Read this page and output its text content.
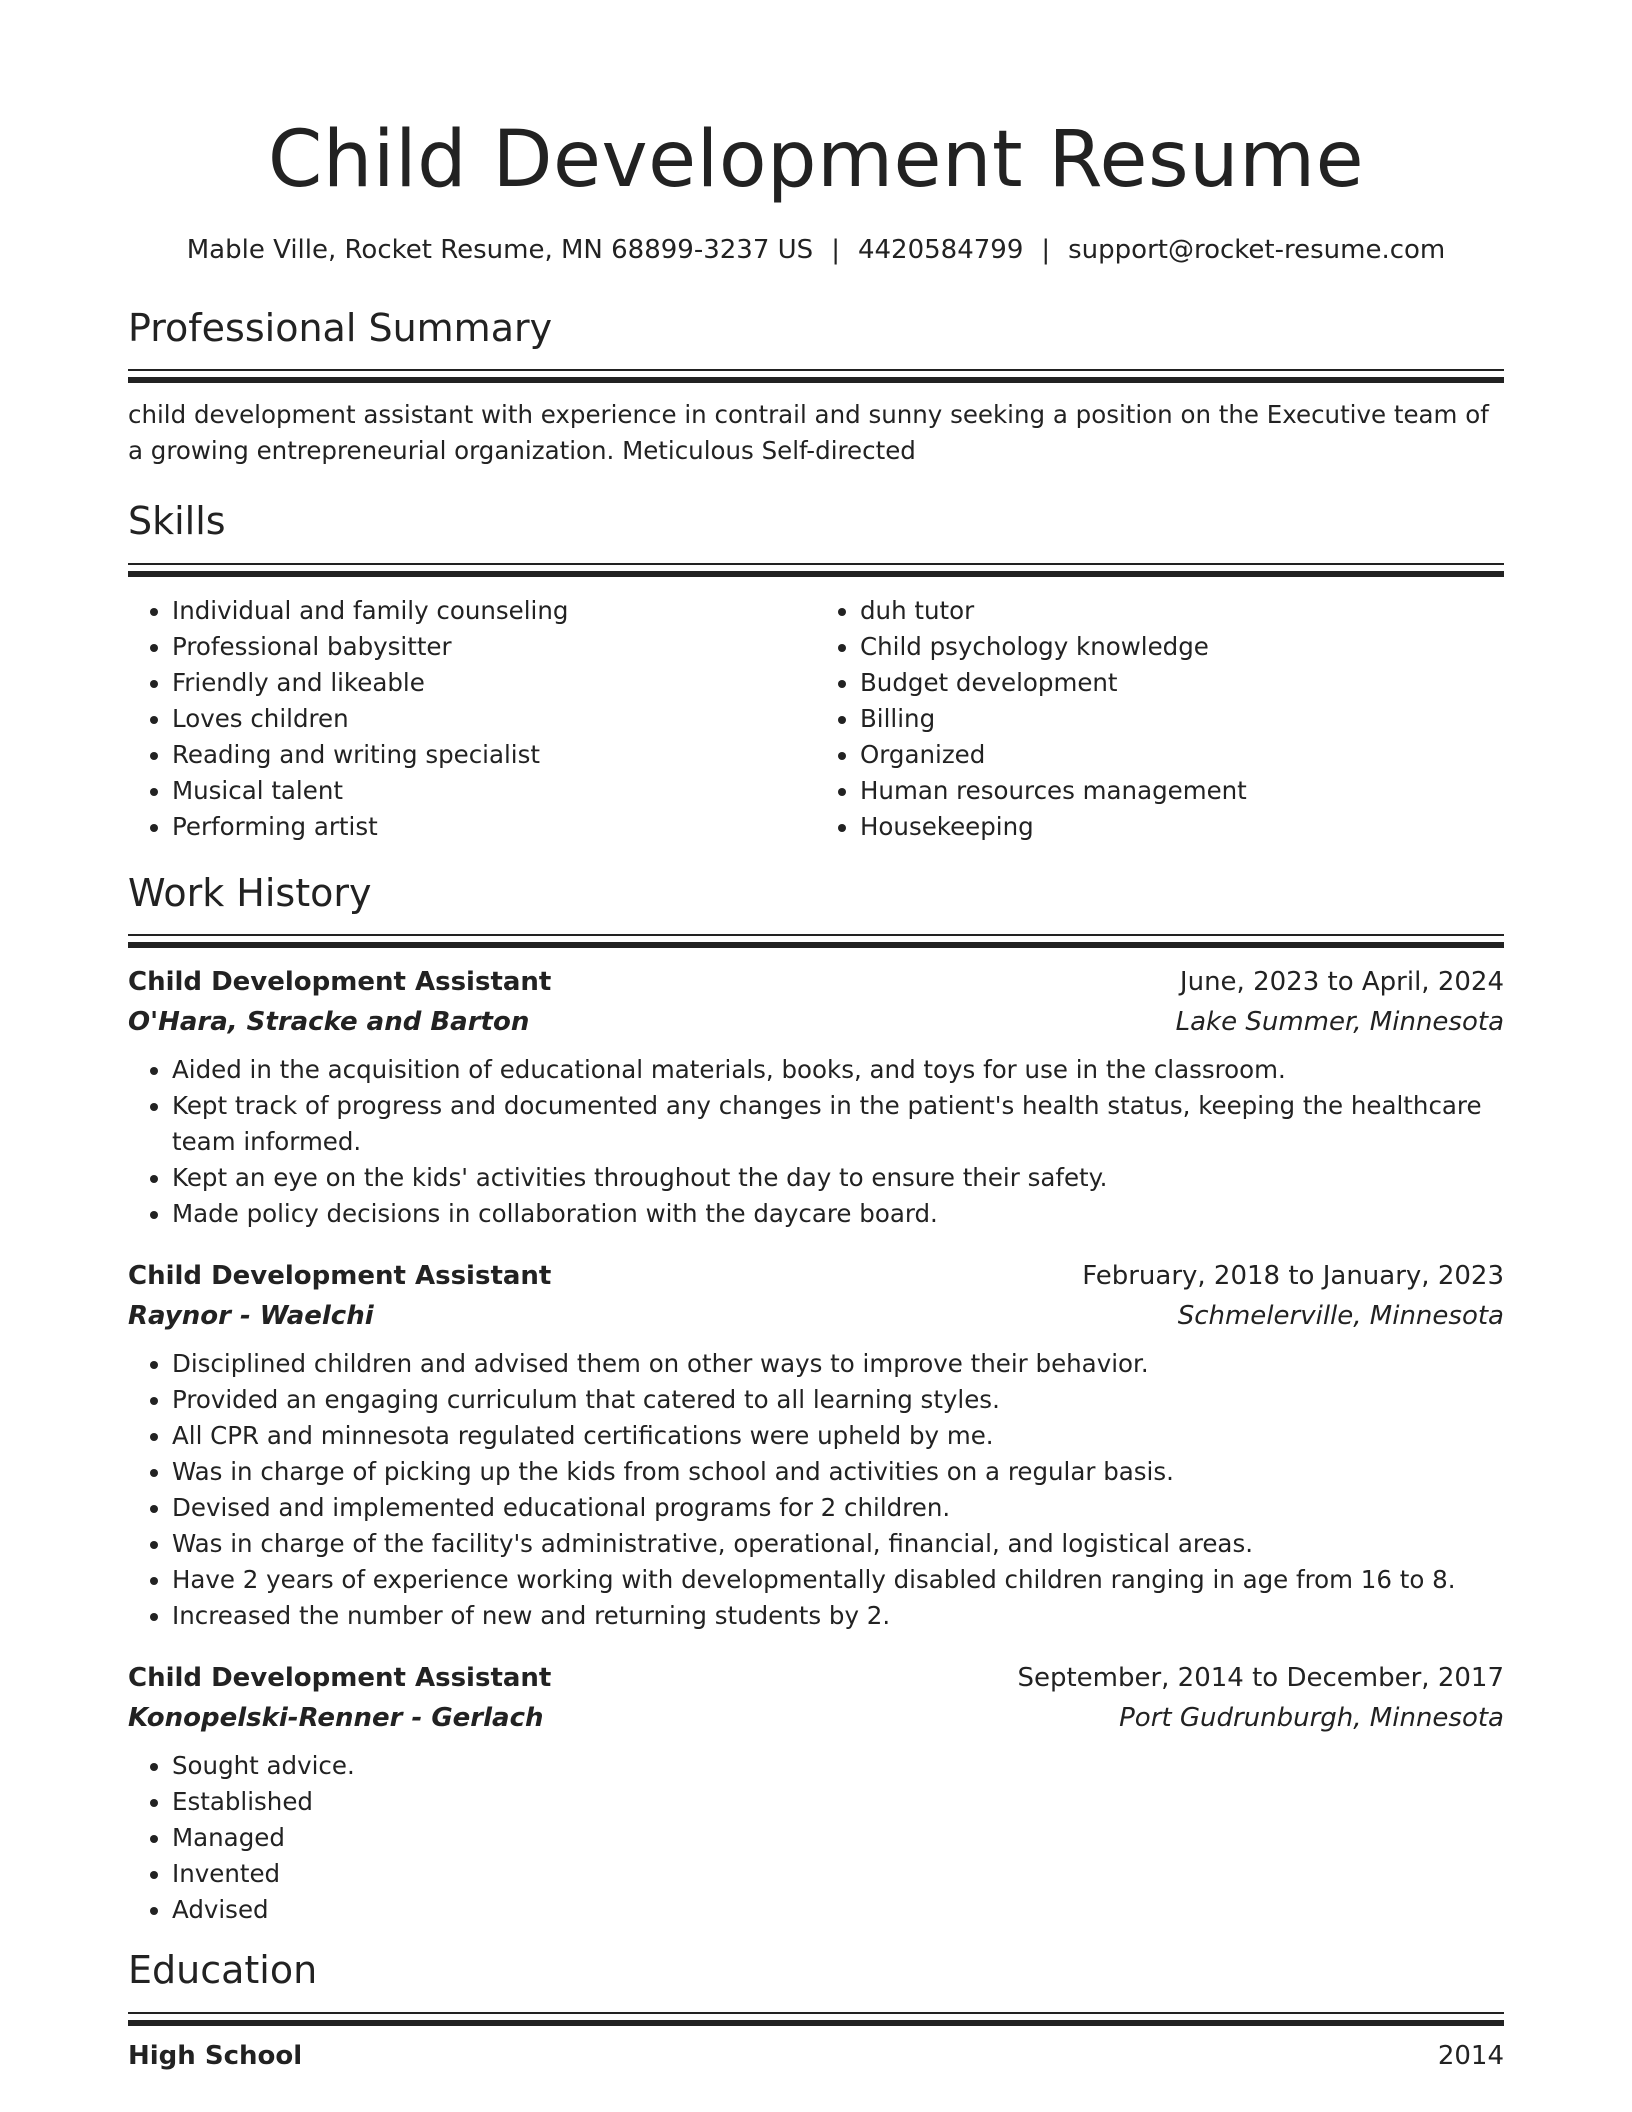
Child Development Resume
Mable Ville, Rocket Resume, MN 68899-3237 US | 4420584799 | support@rocket-resume.com
Professional Summary
child development assistant with experience in contrail and sunny seeking a position on the Executive team of a growing entrepreneurial organization. Meticulous Self-directed
Skills
• Individual and family counseling
• Professional babysitter
• Friendly and likeable
• Loves children
• Reading and writing specialist
• Musical talent
• Performing artist
• duh tutor
• Child psychology knowledge
• Budget development
• Billing
• Organized
• Human resources management
• Housekeeping
Work History
Child Development Assistant	June, 2023 to April, 2024
O'Hara, Stracke and Barton	Lake Summer, Minnesota
• Aided in the acquisition of educational materials, books, and toys for use in the classroom.
• Kept track of progress and documented any changes in the patient's health status, keeping the healthcare team informed.
• Kept an eye on the kids' activities throughout the day to ensure their safety.
• Made policy decisions in collaboration with the daycare board.
Child Development Assistant	February, 2018 to January, 2023
Raynor - Waelchi	Schmelerville, Minnesota
• Disciplined children and advised them on other ways to improve their behavior.
• Provided an engaging curriculum that catered to all learning styles.
• All CPR and minnesota regulated certifications were upheld by me.
• Was in charge of picking up the kids from school and activities on a regular basis.
• Devised and implemented educational programs for 2 children.
• Was in charge of the facility's administrative, operational, financial, and logistical areas.
• Have 2 years of experience working with developmentally disabled children ranging in age from 16 to 8.
• Increased the number of new and returning students by 2.
Child Development Assistant	September, 2014 to December, 2017
Konopelski-Renner - Gerlach	Port Gudrunburgh, Minnesota
• Sought advice.
• Established
• Managed
• Invented
• Advised
Education
High School	2014
